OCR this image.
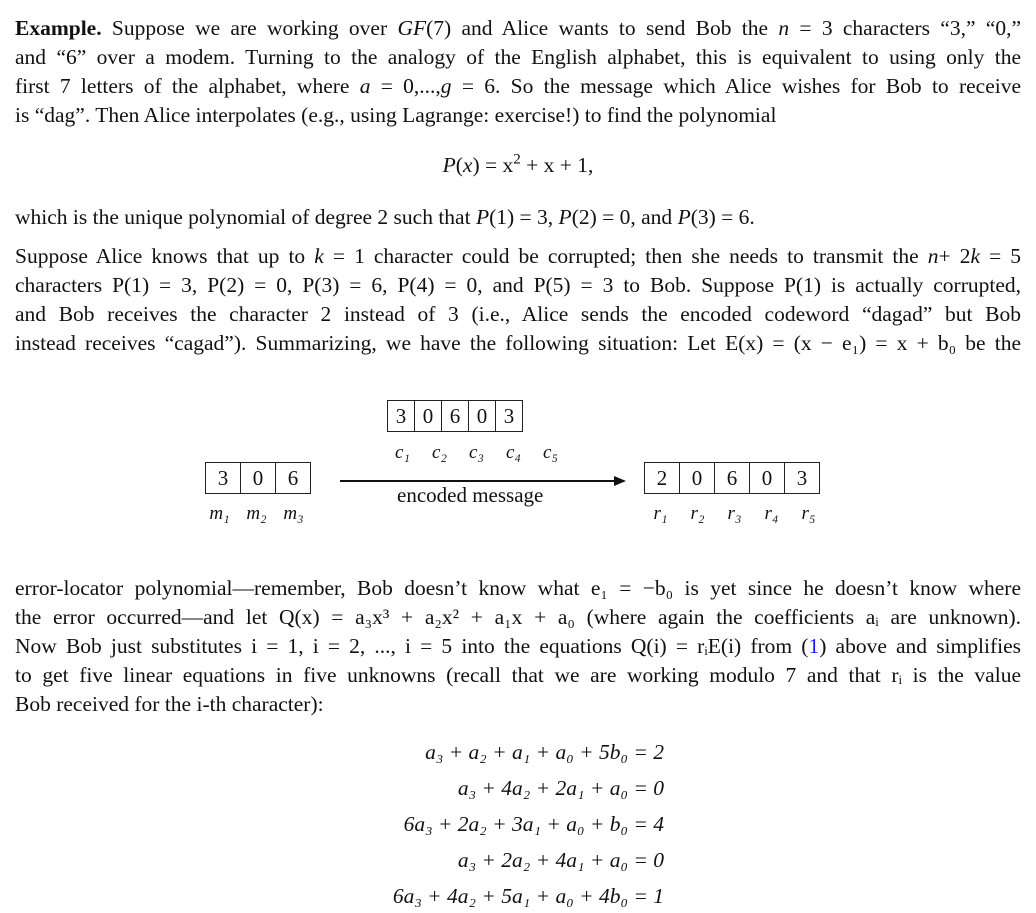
Example. Suppose we are working over GF(7) and Alice wants to send Bob the n = 3 characters “3,” “0,”
and “6” over a modem. Turning to the analogy of the English alphabet, this is equivalent to using only the
first 7 letters of the alphabet, where a = 0,...,g = 6. So the message which Alice wishes for Bob to receive
is “dag”. Then Alice interpolates (e.g., using Lagrange: exercise!) to find the polynomial
$P(x) = x^2 + x + 1$,
which is the unique polynomial of degree 2 such that P(1) = 3, P(2) = 0, and P(3) = 6.
Suppose Alice knows that up to k = 1 character could be corrupted; then she needs to transmit the n+ 2k = 5
characters P(1) = 3, P(2) = 0, P(3) = 6, P(4) = 0, and P(5) = 3 to Bob. Suppose P(1) is actually corrupted,
and Bob receives the character 2 instead of 3 (i.e., Alice sends the encoded codeword “dagad” but Bob
instead receives “cagad”). Summarizing, we have the following situation: Let E(x) = (x − e₁) = x + b₀ be the
3 0 6 0 3
c₁	c₂	c₃	c₄	c₅
3	0	6
m₁ m₂ m₃
encoded message
2	0	6	0	3
r₁	r₂	r₃	r₄	r₅
error-locator polynomial—remember, Bob doesn’t know what e₁ = −b₀ is yet since he doesn’t know where
the error occurred—and let Q(x) = a₃x³ + a₂x² + a₁x + a₀ (where again the coefficients aᵢ are unknown).
Now Bob just substitutes i = 1, i = 2, ..., i = 5 into the equations Q(i) = rᵢE(i) from (1) above and simplifies
to get five linear equations in five unknowns (recall that we are working modulo 7 and that rᵢ is the value
Bob received for the i-th character):
a₃ + a₂ + a₁ + a₀ + 5b₀ = 2
a₃ + 4a₂ + 2a₁ + a₀ = 0
6a₃ + 2a₂ + 3a₁ + a₀ + b₀ = 4
a₃ + 2a₂ + 4a₁ + a₀ = 0
6a₃ + 4a₂ + 5a₁ + a₀ + 4b₀ = 1
